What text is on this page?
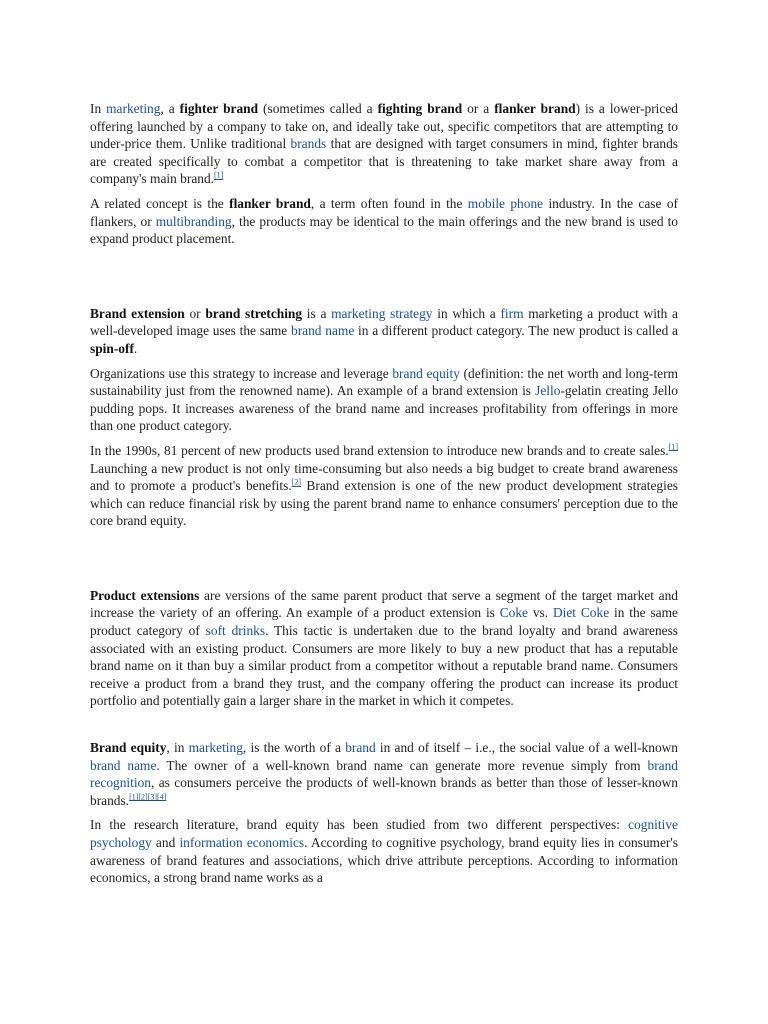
In marketing, a fighter brand (sometimes called a fighting brand or a flanker brand) is a lower-priced offering launched by a company to take on, and ideally take out, specific competitors that are attempting to under-price them. Unlike traditional brands that are designed with target consumers in mind, fighter brands are created specifically to combat a competitor that is threatening to take market share away from a company's main brand.[1]

A related concept is the flanker brand, a term often found in the mobile phone industry. In the case of flankers, or multibranding, the products may be identical to the main offerings and the new brand is used to expand product placement.

Brand extension or brand stretching is a marketing strategy in which a firm marketing a product with a well-developed image uses the same brand name in a different product category. The new product is called a spin-off.

Organizations use this strategy to increase and leverage brand equity (definition: the net worth and long-term sustainability just from the renowned name). An example of a brand extension is Jello-gelatin creating Jello pudding pops. It increases awareness of the brand name and increases profitability from offerings in more than one product category.

In the 1990s, 81 percent of new products used brand extension to introduce new brands and to create sales.[1] Launching a new product is not only time-consuming but also needs a big budget to create brand awareness and to promote a product's benefits.[2] Brand extension is one of the new product development strategies which can reduce financial risk by using the parent brand name to enhance consumers' perception due to the core brand equity.

Product extensions are versions of the same parent product that serve a segment of the target market and increase the variety of an offering. An example of a product extension is Coke vs. Diet Coke in the same product category of soft drinks. This tactic is undertaken due to the brand loyalty and brand awareness associated with an existing product. Consumers are more likely to buy a new product that has a reputable brand name on it than buy a similar product from a competitor without a reputable brand name. Consumers receive a product from a brand they trust, and the company offering the product can increase its product portfolio and potentially gain a larger share in the market in which it competes.

Brand equity, in marketing, is the worth of a brand in and of itself – i.e., the social value of a well-known brand name. The owner of a well-known brand name can generate more revenue simply from brand recognition, as consumers perceive the products of well-known brands as better than those of lesser-known brands.[1][2][3][4]

In the research literature, brand equity has been studied from two different perspectives: cognitive psychology and information economics. According to cognitive psychology, brand equity lies in consumer's awareness of brand features and associations, which drive attribute perceptions. According to information economics, a strong brand name works as a
